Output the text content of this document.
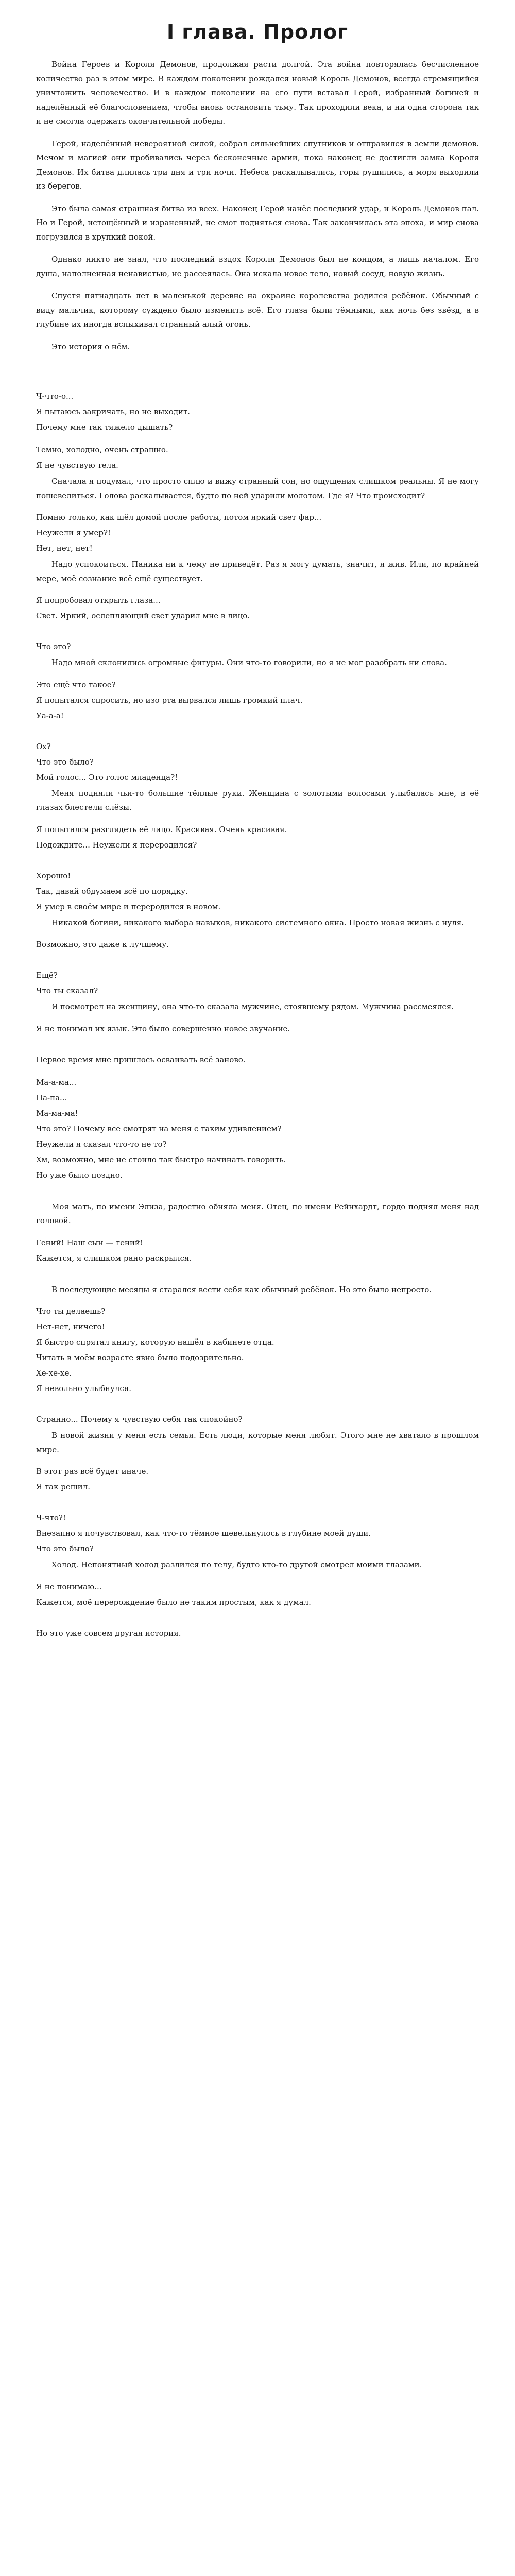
I глава. Пролог

Война Героев и Короля Демонов, продолжая расти долгой. Эта война повторялась бесчисленное количество раз в этом мире. В каждом поколении рождался новый Король Демонов, всегда стремящийся уничтожить человечество. И в каждом поколении на его пути вставал Герой, избранный богиней и наделённый её благословением, чтобы вновь остановить тьму. Так проходили века, и ни одна сторона так и не смогла одержать окончательной победы.

Герой, наделённый невероятной силой, собрал сильнейших спутников и отправился в земли демонов. Мечом и магией они пробивались через бесконечные армии, пока наконец не достигли замка Короля Демонов. Их битва длилась три дня и три ночи. Небеса раскалывались, горы рушились, а моря выходили из берегов.

Это была самая страшная битва из всех. Наконец Герой нанёс последний удар, и Король Демонов пал. Но и Герой, истощённый и израненный, не смог подняться снова. Так закончилась эта эпоха, и мир снова погрузился в хрупкий покой.

Однако никто не знал, что последний вздох Короля Демонов был не концом, а лишь началом. Его душа, наполненная ненавистью, не рассеялась. Она искала новое тело, новый сосуд, новую жизнь.

Спустя пятнадцать лет в маленькой деревне на окраине королевства родился ребёнок. Обычный с виду мальчик, которому суждено было изменить всё. Его глаза были тёмными, как ночь без звёзд, а в глубине их иногда вспыхивал странный алый огонь.

Это история о нём.

Ч-что-о...

Я пытаюсь закричать, но не выходит.

Почему мне так тяжело дышать?

Темно, холодно, очень страшно.

Я не чувствую тела.

Сначала я подумал, что просто сплю и вижу странный сон, но ощущения слишком реальны. Я не могу пошевелиться. Голова раскалывается, будто по ней ударили молотом. Где я? Что происходит?

Помню только, как шёл домой после работы, потом яркий свет фар...

Неужели я умер?!

Нет, нет, нет!

Надо успокоиться. Паника ни к чему не приведёт. Раз я могу думать, значит, я жив. Или, по крайней мере, моё сознание всё ещё существует.

Я попробовал открыть глаза...

Свет. Яркий, ослепляющий свет ударил мне в лицо.

Что это?

Надо мной склонились огромные фигуры. Они что-то говорили, но я не мог разобрать ни слова.

Это ещё что такое?

Я попытался спросить, но изо рта вырвался лишь громкий плач.

Уа-а-а!

Ох?

Что это было?

Мой голос... Это голос младенца?!

Меня подняли чьи-то большие тёплые руки. Женщина с золотыми волосами улыбалась мне, в её глазах блестели слёзы.

Я попытался разглядеть её лицо. Красивая. Очень красивая.

Подождите... Неужели я переродился?

Хорошо!

Так, давай обдумаем всё по порядку.

Я умер в своём мире и переродился в новом.

Никакой богини, никакого выбора навыков, никакого системного окна. Просто новая жизнь с нуля.

Возможно, это даже к лучшему.

Ещё?

Что ты сказал?

Я посмотрел на женщину, она что-то сказала мужчине, стоявшему рядом. Мужчина рассмеялся.

Я не понимал их язык. Это было совершенно новое звучание.

Первое время мне пришлось осваивать всё заново.

Ма-а-ма...

Па-па...

Ма-ма-ма!

Что это? Почему все смотрят на меня с таким удивлением?

Неужели я сказал что-то не то?

Хм, возможно, мне не стоило так быстро начинать говорить.

Но уже было поздно.

Моя мать, по имени Элиза, радостно обняла меня. Отец, по имени Рейнхардт, гордо поднял меня над головой.

Гений! Наш сын — гений!

Кажется, я слишком рано раскрылся.

В последующие месяцы я старался вести себя как обычный ребёнок. Но это было непросто.

Что ты делаешь?

Нет-нет, ничего!

Я быстро спрятал книгу, которую нашёл в кабинете отца.

Читать в моём возрасте явно было подозрительно.

Хе-хе-хе.

Я невольно улыбнулся.

Странно... Почему я чувствую себя так спокойно?

В новой жизни у меня есть семья. Есть люди, которые меня любят. Этого мне не хватало в прошлом мире.

В этот раз всё будет иначе.

Я так решил.

Ч-что?!

Внезапно я почувствовал, как что-то тёмное шевельнулось в глубине моей души.

Что это было?

Холод. Непонятный холод разлился по телу, будто кто-то другой смотрел моими глазами.

Я не понимаю...

Кажется, моё перерождение было не таким простым, как я думал.

Но это уже совсем другая история.
